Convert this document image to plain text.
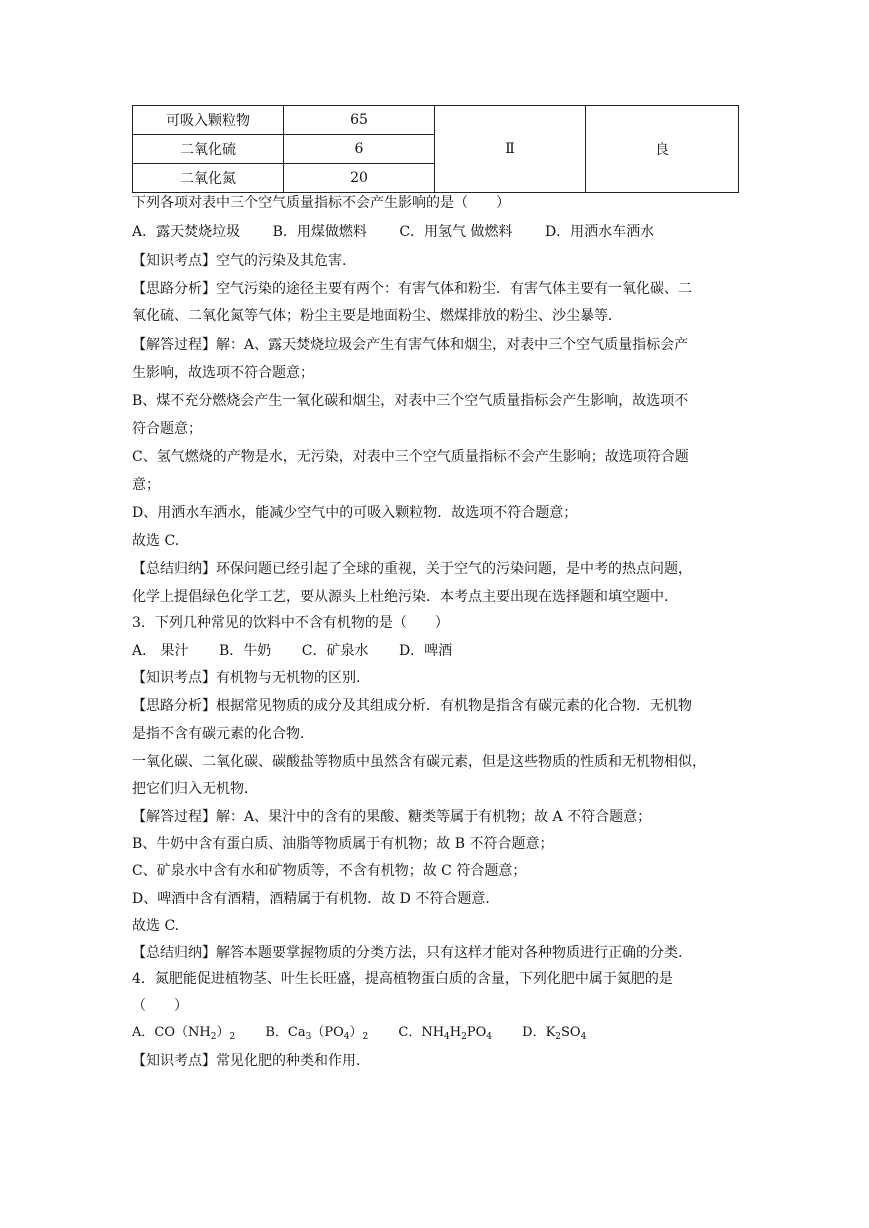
可吸入颗粒物	65	Ⅱ	良
二氧化硫	6		
二氧化氮	20		
下列各项对表中三个空气质量指标不会产生影响的是（　　）
A．露天焚烧垃圾 B．用煤做燃料 C．用氢气 做燃料 D．用洒水车洒水
【知识考点】空气的污染及其危害.
【思路分析】空气污染的途径主要有两个：有害气体和粉尘．有害气体主要有一氧化碳、二
氧化硫、二氧化氮等气体；粉尘主要是地面粉尘、燃煤排放的粉尘、沙尘暴等．
【解答过程】解：A、露天焚烧垃圾会产生有害气体和烟尘，对表中三个空气质量指标会产
生影响，故选项不符合题意；
B、煤不充分燃烧会产生一氧化碳和烟尘，对表中三个空气质量指标会产生影响，故选项不
符合题意；
C、氢气燃烧的产物是水，无污染，对表中三个空气质量指标不会产生影响；故选项符合题
意；
D、用洒水车洒水，能减少空气中的可吸入颗粒物．故选项不符合题意；
故选 C.
【总结归纳】环保问题已经引起了全球的重视，关于空气的污染问题，是中考的热点问题，
化学上提倡绿色化学工艺，要从源头上杜绝污染．本考点主要出现在选择题和填空题中.
3．下列几种常见的饮料中不含有机物的是（　　）
A． 果汁 B．牛奶 C．矿泉水 D．啤酒
【知识考点】有机物与无机物的区别.
【思路分析】根据常见物质的成分及其组成分析．有机物是指含有碳元素的化合物．无机物
是指不含有碳元素的化合物．
一氧化碳、二氧化碳、碳酸盐等物质中虽然含有碳元素，但是这些物质的性质和无机物相似，
把它们归入无机物．
【解答过程】解：A、果汁中的含有的果酸、糖类等属于有机物；故 A 不符合题意；
B、牛奶中含有蛋白质、油脂等物质属于有机物；故 B 不符合题意；
C、矿泉水中含有水和矿物质等，不含有机物；故 C 符合题意；
D、啤酒中含有酒精，酒精属于有机物．故 D 不符合题意．
故选 C.
【总结归纳】解答本题要掌握物质的分类方法，只有这样才能对各种物质进行正确的分类.
4．氮肥能促进植物茎、叶生长旺盛，提高植物蛋白质的含量，下列化肥中属于氮肥的是
（　　）
A．$CO(NH_2)_2$ B．$Ca_3(PO_4)_2$ C．$NH_4H_2PO_4$ D．$K_2SO_4$
【知识考点】常见化肥的种类和作用.
